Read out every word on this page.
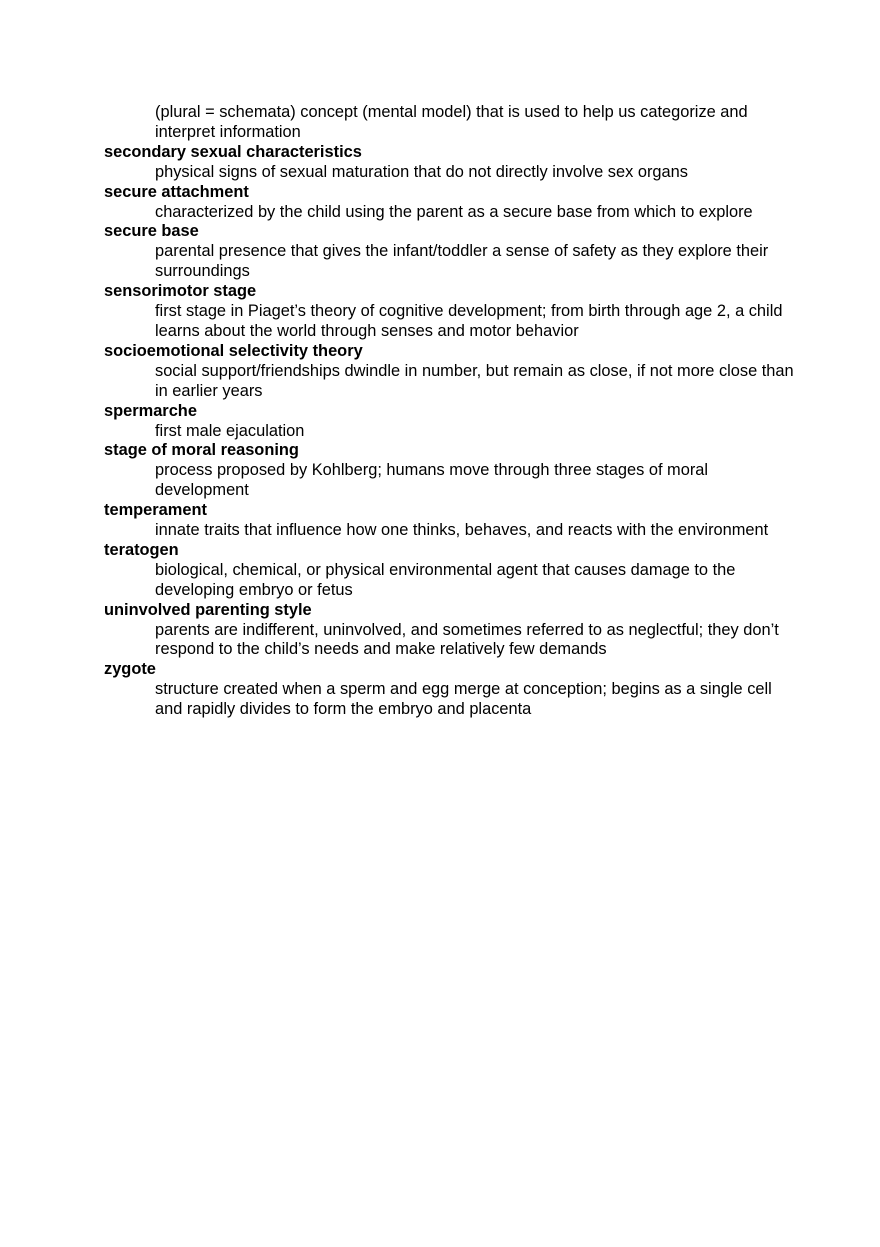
(plural = schemata) concept (mental model) that is used to help us categorize and interpret information
secondary sexual characteristics
physical signs of sexual maturation that do not directly involve sex organs
secure attachment
characterized by the child using the parent as a secure base from which to explore
secure base
parental presence that gives the infant/toddler a sense of safety as they explore their surroundings
sensorimotor stage
first stage in Piaget’s theory of cognitive development; from birth through age 2, a child learns about the world through senses and motor behavior
socioemotional selectivity theory
social support/friendships dwindle in number, but remain as close, if not more close than in earlier years
spermarche
first male ejaculation
stage of moral reasoning
process proposed by Kohlberg; humans move through three stages of moral development
temperament
innate traits that influence how one thinks, behaves, and reacts with the environment
teratogen
biological, chemical, or physical environmental agent that causes damage to the developing embryo or fetus
uninvolved parenting style
parents are indifferent, uninvolved, and sometimes referred to as neglectful; they don’t respond to the child’s needs and make relatively few demands
zygote
structure created when a sperm and egg merge at conception; begins as a single cell and rapidly divides to form the embryo and placenta
